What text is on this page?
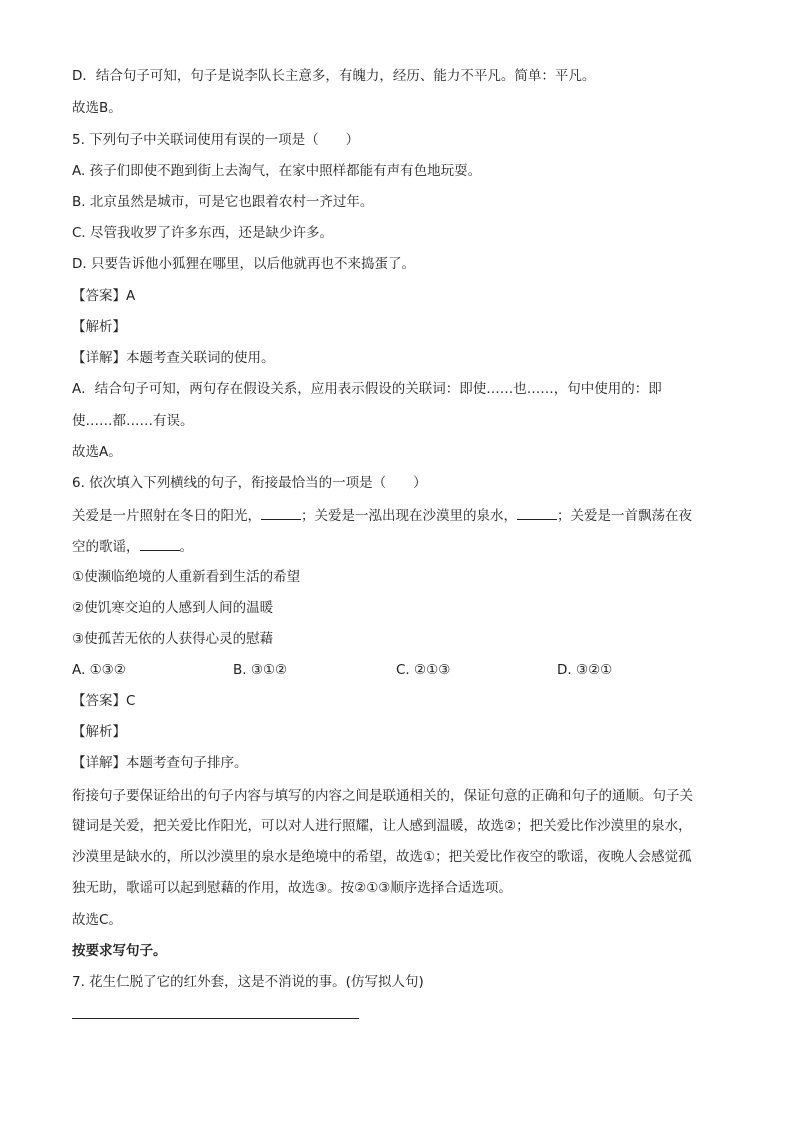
D．结合句子可知，句子是说李队长主意多，有魄力，经历、能力不平凡。简单：平凡。
故选B。
5. 下列句子中关联词使用有误的一项是（　　）
A. 孩子们即使不跑到街上去淘气，在家中照样都能有声有色地玩耍。
B. 北京虽然是城市，可是它也跟着农村一齐过年。
C. 尽管我收罗了许多东西，还是缺少许多。
D. 只要告诉他小狐狸在哪里，以后他就再也不来捣蛋了。
【答案】A
【解析】
【详解】本题考查关联词的使用。
A．结合句子可知，两句存在假设关系，应用表示假设的关联词：即使……也……，句中使用的：即
使……都……有误。
故选A。
6. 依次填入下列横线的句子，衔接最恰当的一项是（　　）
关爱是一片照射在冬日的阳光，	；关爱是一泓出现在沙漠里的泉水，	；关爱是一首飘荡在夜
空的歌谣，	。
①使濒临绝境的人重新看到生活的希望
②使饥寒交迫的人感到人间的温暖
③使孤苦无依的人获得心灵的慰藉
A. ①③②	B. ③①②	C. ②①③	D. ③②①
【答案】C
【解析】
【详解】本题考查句子排序。
衔接句子要保证给出的句子内容与填写的内容之间是联通相关的，保证句意的正确和句子的通顺。句子关
键词是关爱，把关爱比作阳光，可以对人进行照耀，让人感到温暖，故选②；把关爱比作沙漠里的泉水，
沙漠里是缺水的，所以沙漠里的泉水是绝境中的希望，故选①；把关爱比作夜空的歌谣，夜晚人会感觉孤
独无助，歌谣可以起到慰藉的作用，故选③。按②①③顺序选择合适选项。
故选C。
按要求写句子。
7. 花生仁脱了它的红外套，这是不消说的事。(仿写拟人句)
